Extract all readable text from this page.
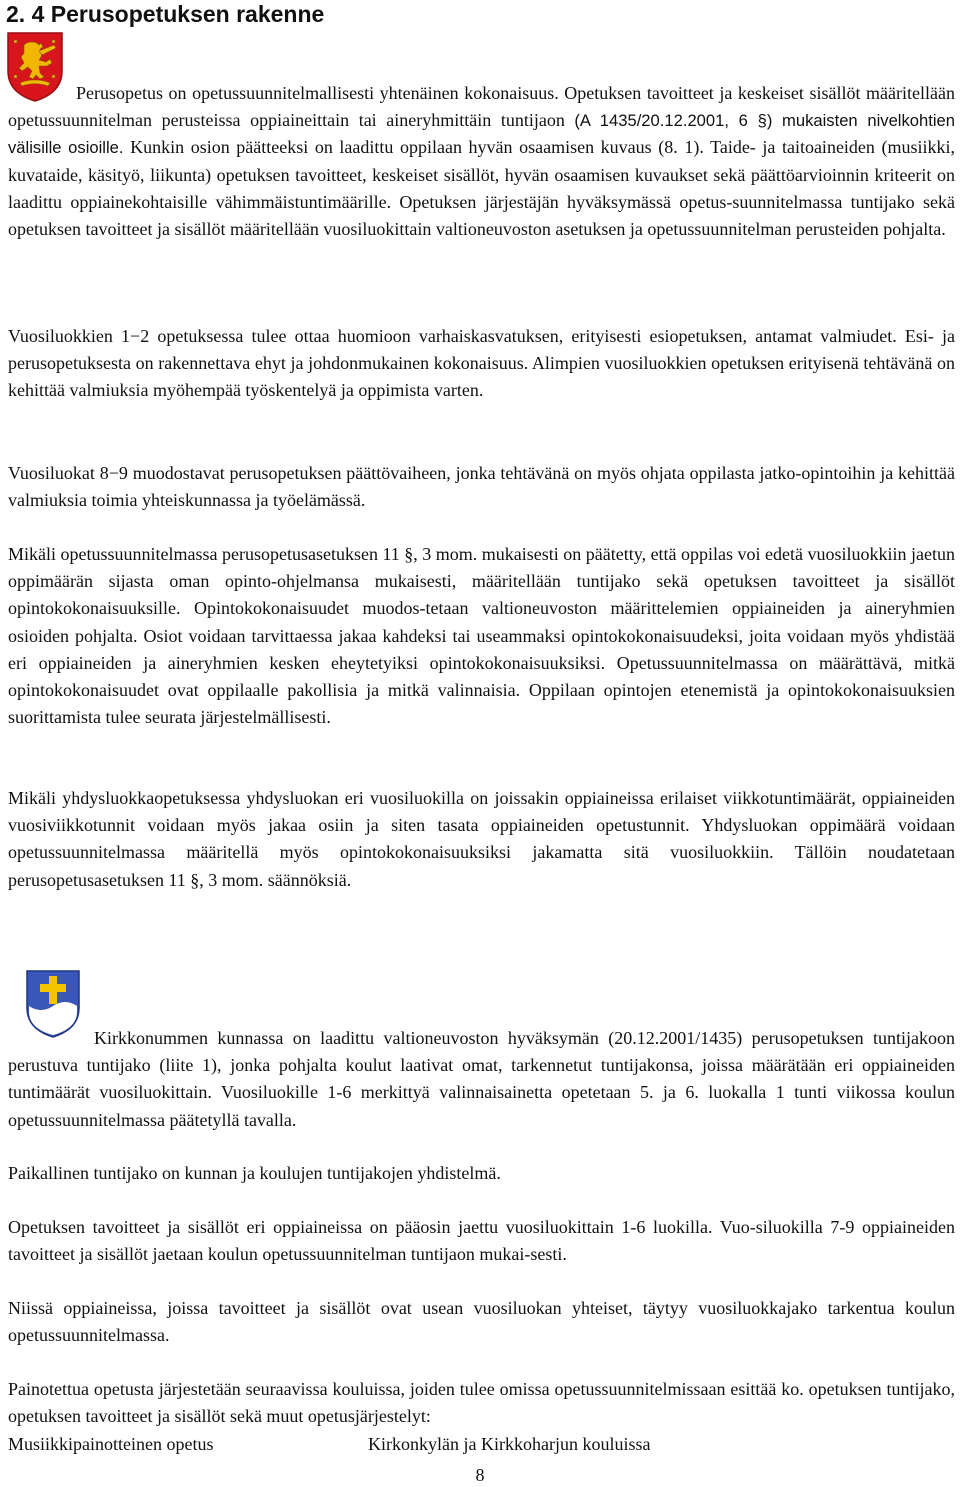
2. 4 Perusopetuksen rakenne

Perusopetus on opetussuunnitelmallisesti yhtenäinen kokonaisuus. Opetuksen tavoitteet ja keskeiset sisällöt määritellään opetussuunnitelman perusteissa oppiaineittain tai aineryhmittäin tuntijaon (A 1435/20.12.2001, 6 §) mukaisten nivelkohtien välisille osioille. Kunkin osion päätteeksi on laadittu oppilaan hyvän osaamisen kuvaus (8. 1). Taide- ja taitoaineiden (musiikki, kuvataide, käsityö, liikunta) opetuksen tavoitteet, keskeiset sisällöt, hyvän osaamisen kuvaukset sekä päättöarvioinnin kriteerit on laadittu oppiainekohtaisille vähimmäistuntimäärille. Opetuksen järjestäjän hyväksymässä opetus-suunnitelmassa tuntijako sekä opetuksen tavoitteet ja sisällöt määritellään vuosiluokittain valtioneuvoston asetuksen ja opetussuunnitelman perusteiden pohjalta.

Vuosiluokkien 1−2 opetuksessa tulee ottaa huomioon varhaiskasvatuksen, erityisesti esiopetuksen, antamat valmiudet. Esi- ja perusopetuksesta on rakennettava ehyt ja johdonmukainen kokonaisuus. Alimpien vuosiluokkien opetuksen erityisenä tehtävänä on kehittää valmiuksia myöhempää työskentelyä ja oppimista varten.

Vuosiluokat 8−9 muodostavat perusopetuksen päättövaiheen, jonka tehtävänä on myös ohjata oppilasta jatko-opintoihin ja kehittää valmiuksia toimia yhteiskunnassa ja työelämässä.

Mikäli opetussuunnitelmassa perusopetusasetuksen 11 §, 3 mom. mukaisesti on päätetty, että oppilas voi edetä vuosiluokkiin jaetun oppimäärän sijasta oman opinto-ohjelmansa mukaisesti, määritellään tuntijako sekä opetuksen tavoitteet ja sisällöt opintokokonaisuuksille. Opintokokonaisuudet muodos-tetaan valtioneuvoston määrittelemien oppiaineiden ja aineryhmien osioiden pohjalta. Osiot voidaan tarvittaessa jakaa kahdeksi tai useammaksi opintokokonaisuudeksi, joita voidaan myös yhdistää eri oppiaineiden ja aineryhmien kesken eheytetyiksi opintokokonaisuuksiksi. Opetussuunnitelmassa on määrättävä, mitkä opintokokonaisuudet ovat oppilaalle pakollisia ja mitkä valinnaisia. Oppilaan opintojen etenemistä ja opintokokonaisuuksien suorittamista tulee seurata järjestelmällisesti.

Mikäli yhdysluokkaopetuksessa yhdysluokan eri vuosiluokilla on joissakin oppiaineissa erilaiset viikkotuntimäärät, oppiaineiden vuosiviikkotunnit voidaan myös jakaa osiin ja siten tasata oppiaineiden opetustunnit. Yhdysluokan oppimäärä voidaan opetussuunnitelmassa määritellä myös opintokokonaisuuksiksi jakamatta sitä vuosiluokkiin. Tällöin noudatetaan perusopetusasetuksen 11 §, 3 mom. säännöksiä.

Kirkkonummen kunnassa on laadittu valtioneuvoston hyväksymän (20.12.2001/1435) perusopetuksen tuntijakoon perustuva tuntijako (liite 1), jonka pohjalta koulut laativat omat, tarkennetut tuntijakonsa, joissa määrätään eri oppiaineiden tuntimäärät vuosiluokittain. Vuosiluokille 1-6 merkittyä valinnaisainetta opetetaan 5. ja 6. luokalla 1 tunti viikossa koulun opetussuunnitelmassa päätetyllä tavalla.

Paikallinen tuntijako on kunnan ja koulujen tuntijakojen yhdistelmä.

Opetuksen tavoitteet ja sisällöt eri oppiaineissa on pääosin jaettu vuosiluokittain 1-6 luokilla. Vuo-siluokilla 7-9 oppiaineiden tavoitteet ja sisällöt jaetaan koulun opetussuunnitelman tuntijaon mukai-sesti.

Niissä oppiaineissa, joissa tavoitteet ja sisällöt ovat usean vuosiluokan yhteiset, täytyy vuosiluokkajako tarkentua koulun opetussuunnitelmassa.

Painotettua opetusta järjestetään seuraavissa kouluissa, joiden tulee omissa opetussuunnitelmissaan esittää ko. opetuksen tuntijako, opetuksen tavoitteet ja sisällöt sekä muut opetusjärjestelyt:

Musiikkipainotteinen opetus	Kirkonkylän ja Kirkkoharjun kouluissa
8
